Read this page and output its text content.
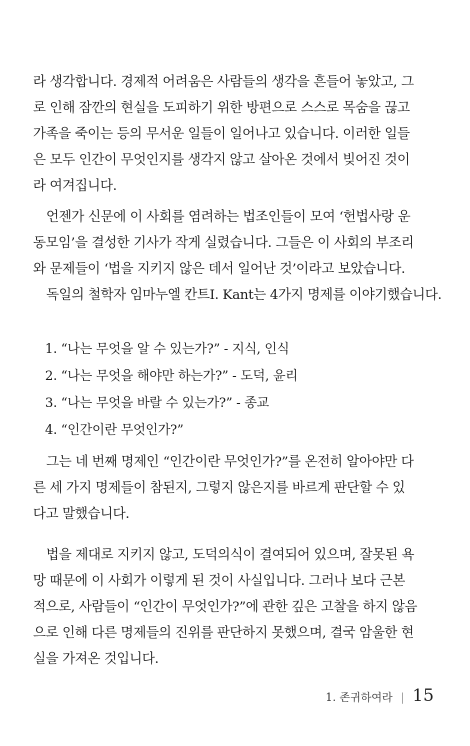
라 생각합니다. 경제적 어려움은 사람들의 생각을 흔들어 놓았고, 그
로 인해 잠깐의 현실을 도피하기 위한 방편으로 스스로 목숨을 끊고
가족을 죽이는 등의 무서운 일들이 일어나고 있습니다. 이러한 일들
은 모두 인간이 무엇인지를 생각지 않고 살아온 것에서 빚어진 것이
라 여겨집니다.
　언젠가 신문에 이 사회를 염려하는 법조인들이 모여 ‘헌법사랑 운
동모임’을 결성한 기사가 작게 실렸습니다. 그들은 이 사회의 부조리
와 문제들이 ‘법을 지키지 않은 데서 일어난 것’이라고 보았습니다.
　독일의 철학자 임마누엘 칸트I. Kant는 4가지 명제를 이야기했습니다.
1. “나는 무엇을 알 수 있는가?” - 지식, 인식
2. “나는 무엇을 해야만 하는가?” - 도덕, 윤리
3. “나는 무엇을 바랄 수 있는가?” - 종교
4. “인간이란 무엇인가?”
　그는 네 번째 명제인 “인간이란 무엇인가?”를 온전히 알아야만 다
른 세 가지 명제들이 참된지, 그렇지 않은지를 바르게 판단할 수 있
다고 말했습니다.
　법을 제대로 지키지 않고, 도덕의식이 결여되어 있으며, 잘못된 욕
망 때문에 이 사회가 이렇게 된 것이 사실입니다. 그러나 보다 근본
적으로, 사람들이 “인간이 무엇인가?”에 관한 깊은 고찰을 하지 않음
으로 인해 다른 명제들의 진위를 판단하지 못했으며, 결국 암울한 현
실을 가져온 것입니다.
1. 존귀하여라 | 15
